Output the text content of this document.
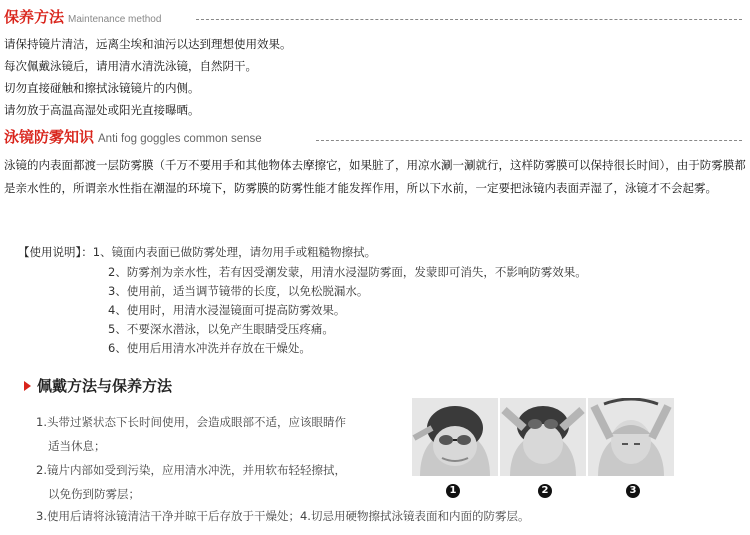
保养方法 Maintenance method
请保持镜片清洁，远离尘埃和油污以达到理想使用效果。
每次佩戴泳镜后，请用清水清洗泳镜，自然阴干。
切勿直接碰触和擦拭泳镜镜片的内侧。
请勿放于高温高湿处或阳光直接曝晒。
泳镜防雾知识 Anti fog goggles common sense
泳镜的内表面都渡一层防雾膜（千万不要用手和其他物体去摩擦它，如果脏了，用凉水涮一涮就行，这样防雾膜可以保持很长时间），由于防雾膜都是亲水性的，所谓亲水性指在潮湿的环境下，防雾膜的防雾性能才能发挥作用，所以下水前，一定要把泳镜内表面弄湿了，泳镜才不会起雾。
【使用说明】：1、镜面内表面已做防雾处理，请勿用手或粗糙物擦拭。
2、防雾剂为亲水性，若有因受潮发蒙，用清水浸湿防雾面，发蒙即可消失，不影响防雾效果。
3、使用前，适当调节镜带的长度，以免松脱漏水。
4、使用时，用清水浸湿镜面可提高防雾效果。
5、不要深水潜泳，以免产生眼睛受压疼痛。
6、使用后用清水冲洗并存放在干燥处。
佩戴方法与保养方法
1.头带过紧状态下长时间使用，会造成眼部不适，应该眼睛作
适当休息；
2.镜片内部如受到污染，应用清水冲洗，并用软布轻轻擦拭，
以免伤到防雾层；
3.使用后请将泳镜清洁干净并晾干后存放于干燥处；4.切忌用硬物擦拭泳镜表面和内面的防雾层。
1	2	3
